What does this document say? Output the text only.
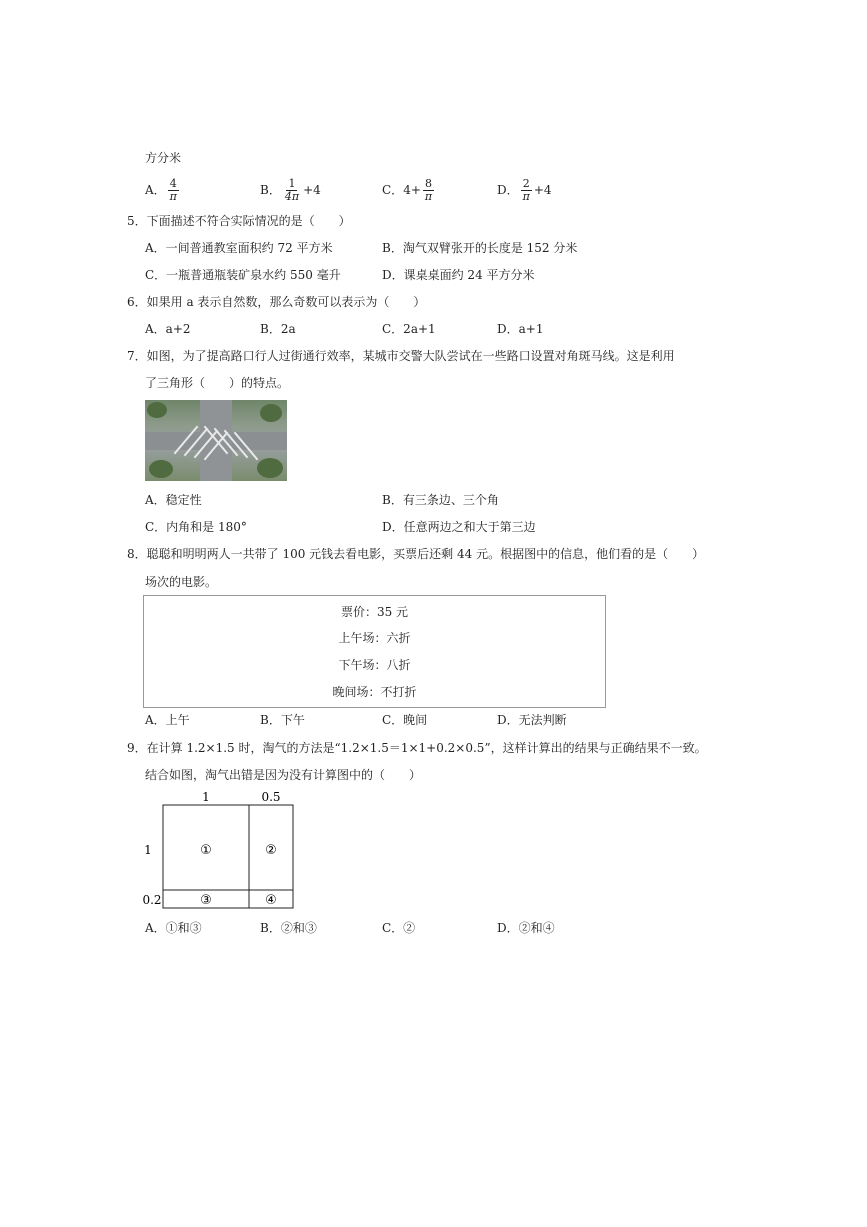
方分米
A． $\frac{4}{\pi}$	B． $\frac{1}{4\pi} +4$	C．$4+ \frac{8}{\pi}$	D． $\frac{2}{\pi} +4$
5．下面描述不符合实际情况的是（　　）
A．一间普通教室面积约 72 平方米	B．淘气双臂张开的长度是 152 分米
C．一瓶普通瓶装矿泉水约 550 毫升	D．课桌桌面约 24 平方分米
6．如果用 a 表示自然数，那么奇数可以表示为（　　）
A．a+2	B．2a	C．2a+1	D．a+1
7．如图，为了提高路口行人过街通行效率，某城市交警大队尝试在一些路口设置对角斑马线。这是利用
了三角形（　　）的特点。
A．稳定性	B．有三条边、三个角
C．内角和是 180°	D．任意两边之和大于第三边
8．聪聪和明明两人一共带了 100 元钱去看电影，买票后还剩 44 元。根据图中的信息，他们看的是（　　）
场次的电影。
票价：35 元
上午场：六折
下午场：八折
晚间场：不打折
A．上午	B．下午	C．晚间	D．无法判断
9．在计算 1.2×1.5 时，淘气的方法是“1.2×1.5＝1×1+0.2×0.5”，这样计算出的结果与正确结果不一致。
结合如图，淘气出错是因为没有计算图中的（　　）
1	0.5
1
0.2
①	②
③	④
A．①和③	B．②和③	C．②	D．②和④
